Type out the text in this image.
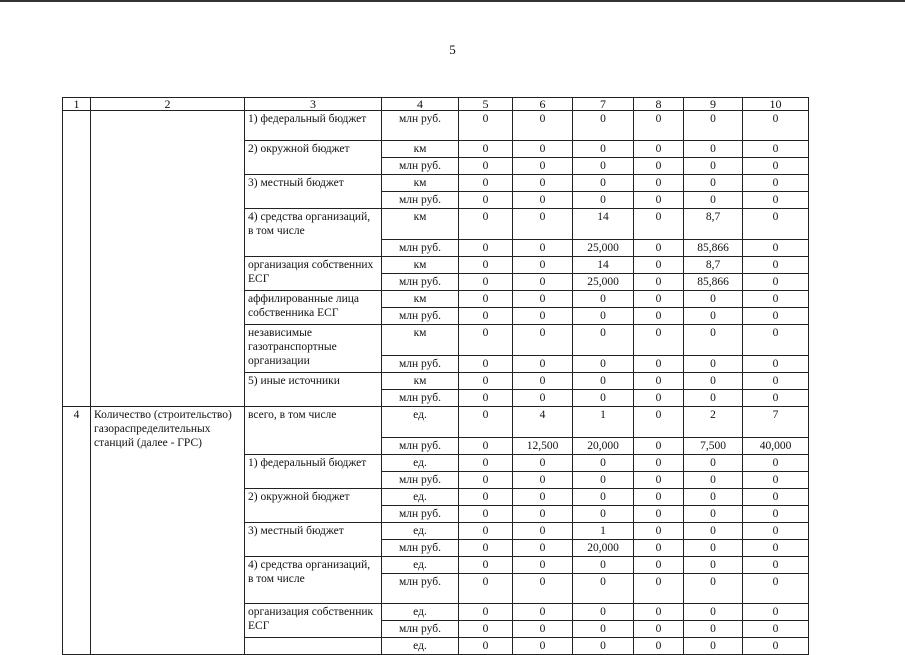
5
1	2	3	4	5	6	7	8	9	10
		1) федеральный бюджет	млн руб.	0	0	0	0	0	0
		2) окружной бюджет	км	0	0	0	0	0	0
			млн руб.	0	0	0	0	0	0
		3) местный бюджет	км	0	0	0	0	0	0
			млн руб.	0	0	0	0	0	0
		4) средства организаций, в том числе	км	0	0	14	0	8,7	0
			млн руб.	0	0	25,000	0	85,866	0
		организация собственних ЕСГ	км	0	0	14	0	8,7	0
			млн руб.	0	0	25,000	0	85,866	0
		аффилированные лица собственника ЕСГ	км	0	0	0	0	0	0
			млн руб.	0	0	0	0	0	0
		независимые газотранспортные организации	км	0	0	0	0	0	0
			млн руб.	0	0	0	0	0	0
		5) иные источники	км	0	0	0	0	0	0
			млн руб.	0	0	0	0	0	0
4	Количество (строительство) газораспределительных станций (далее - ГРС)	всего, в том числе	ед.	0	4	1	0	2	7
			млн руб.	0	12,500	20,000	0	7,500	40,000
		1) федеральный бюджет	ед.	0	0	0	0	0	0
			млн руб.	0	0	0	0	0	0
		2) окружной бюджет	ед.	0	0	0	0	0	0
			млн руб.	0	0	0	0	0	0
		3) местный бюджет	ед.	0	0	1	0	0	0
			млн руб.	0	0	20,000	0	0	0
		4) средства организаций, в том числе	ед.	0	0	0	0	0	0
			млн руб.	0	0	0	0	0	0
		организация собственник ЕСГ	ед.	0	0	0	0	0	0
			млн руб.	0	0	0	0	0	0
			ед.	0	0	0	0	0	0
